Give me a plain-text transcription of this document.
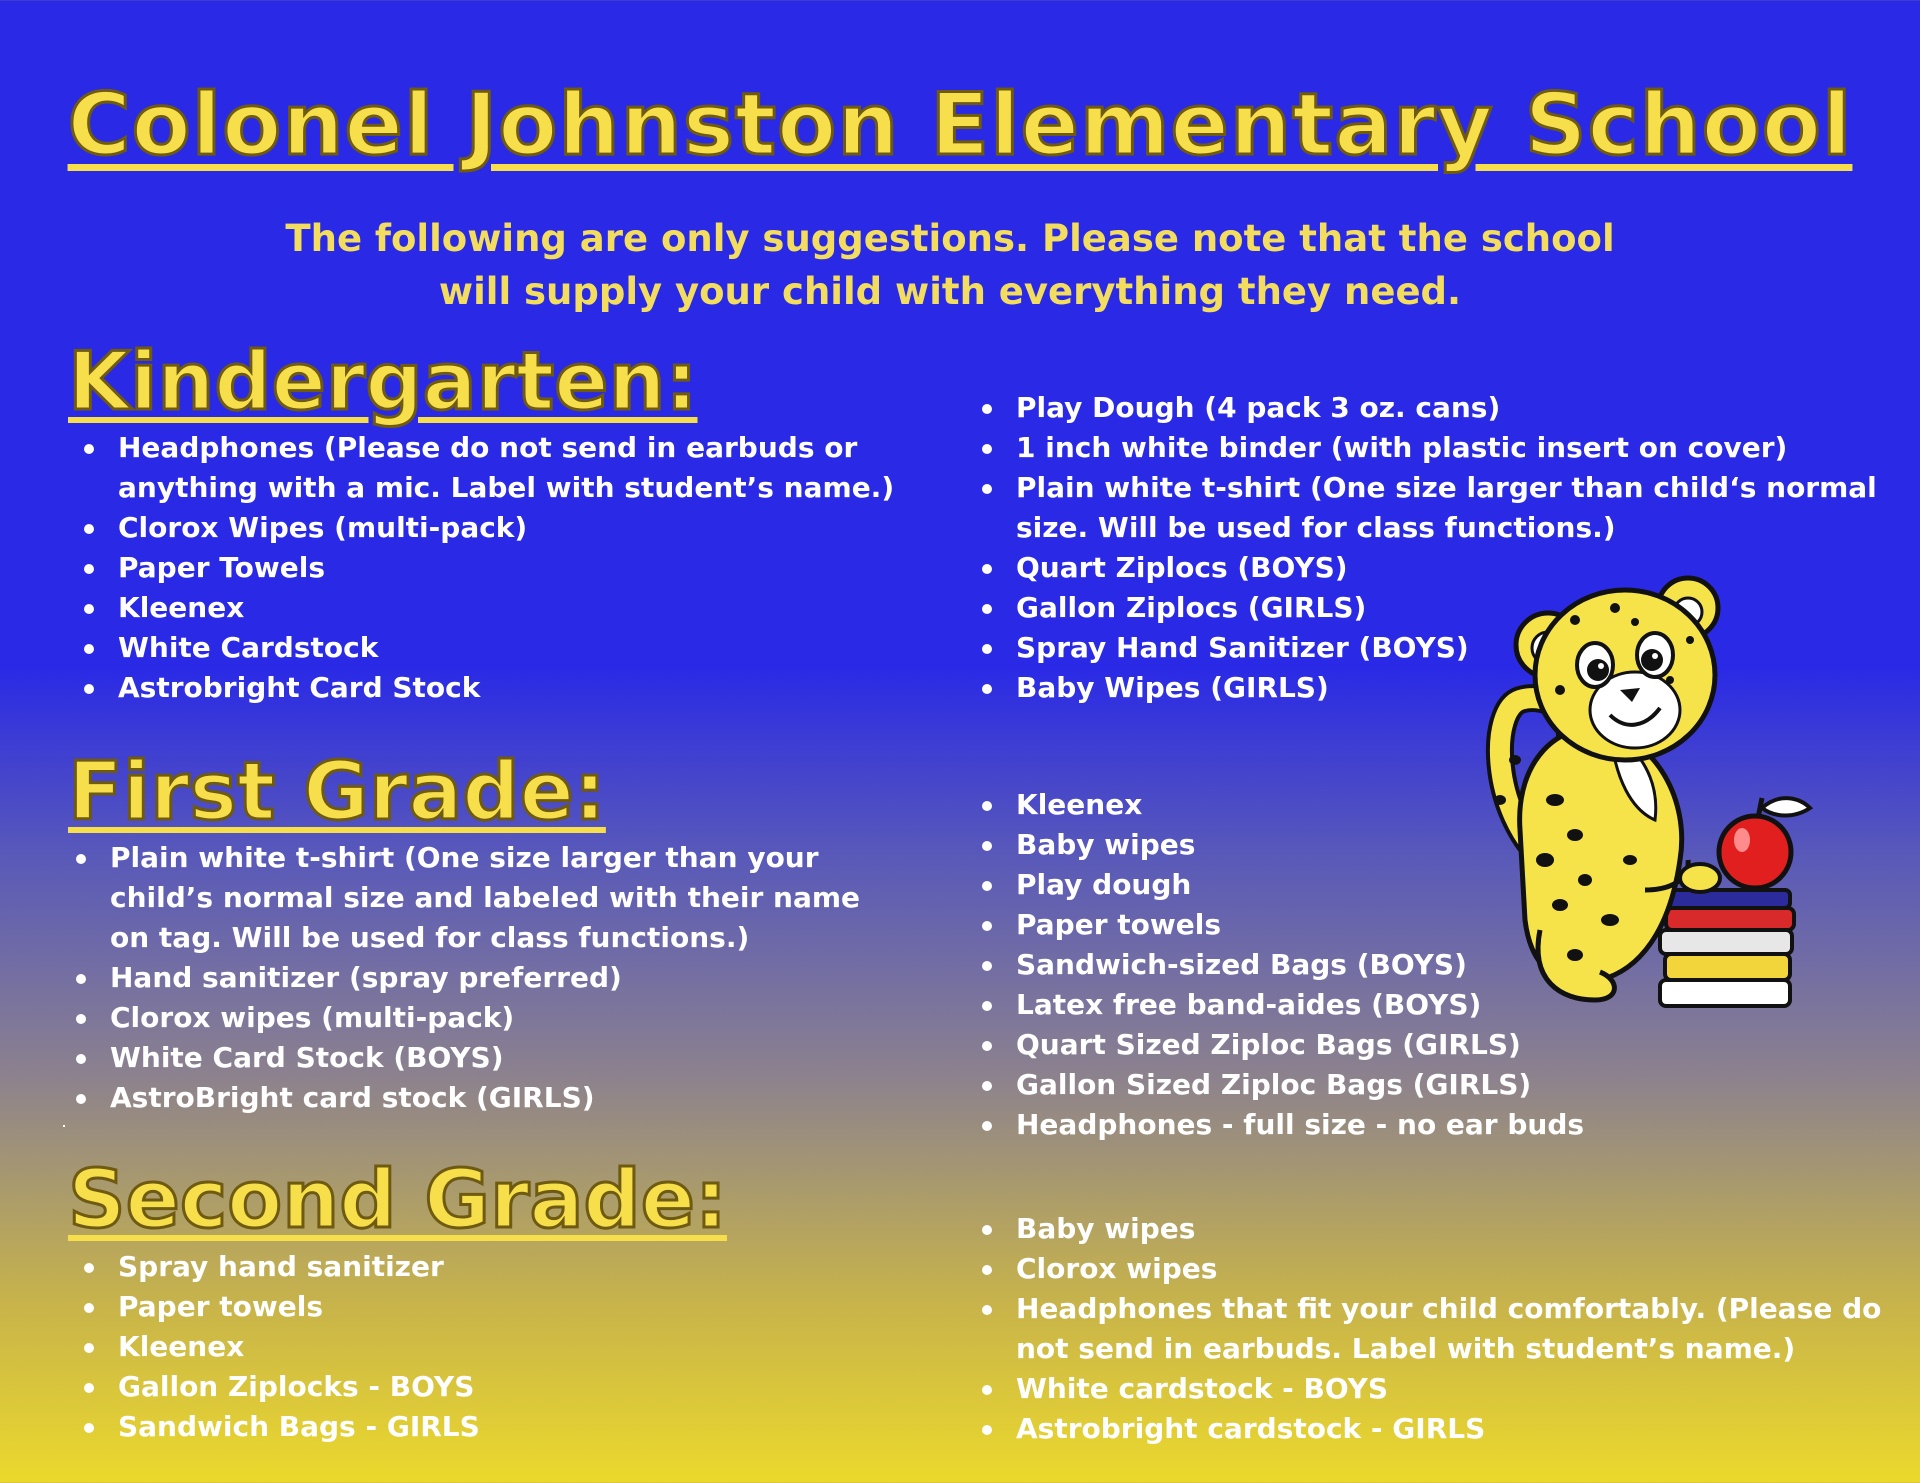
Colonel Johnston Elementary School

The following are only suggestions. Please note that the school will supply your child with everything they need.

Kindergarten:
Headphones (Please do not send in earbuds or anything with a mic. Label with student’s name.)
Clorox Wipes (multi-pack)
Paper Towels
Kleenex
White Cardstock
Astrobright Card Stock
Play Dough (4 pack 3 oz. cans)
1 inch white binder (with plastic insert on cover)
Plain white t-shirt (One size larger than child‘s normal size. Will be used for class functions.)
Quart Ziplocs (BOYS)
Gallon Ziplocs (GIRLS)
Spray Hand Sanitizer (BOYS)
Baby Wipes (GIRLS)
First Grade:
Plain white t-shirt (One size larger than your child’s normal size and labeled with their name on tag. Will be used for class functions.)
Hand sanitizer (spray preferred)
Clorox wipes (multi-pack)
White Card Stock (BOYS)
AstroBright card stock (GIRLS)
Kleenex
Baby wipes
Play dough
Paper towels
Sandwich-sized Bags (BOYS)
Latex free band-aides (BOYS)
Quart Sized Ziploc Bags (GIRLS)
Gallon Sized Ziploc Bags (GIRLS)
Headphones - full size - no ear buds
Second Grade:
Spray hand sanitizer
Paper towels
Kleenex
Gallon Ziplocks - BOYS
Sandwich Bags - GIRLS
Baby wipes
Clorox wipes
Headphones that fit your child comfortably. (Please do not send in earbuds. Label with student’s name.)
White cardstock - BOYS
Astrobright cardstock - GIRLS
